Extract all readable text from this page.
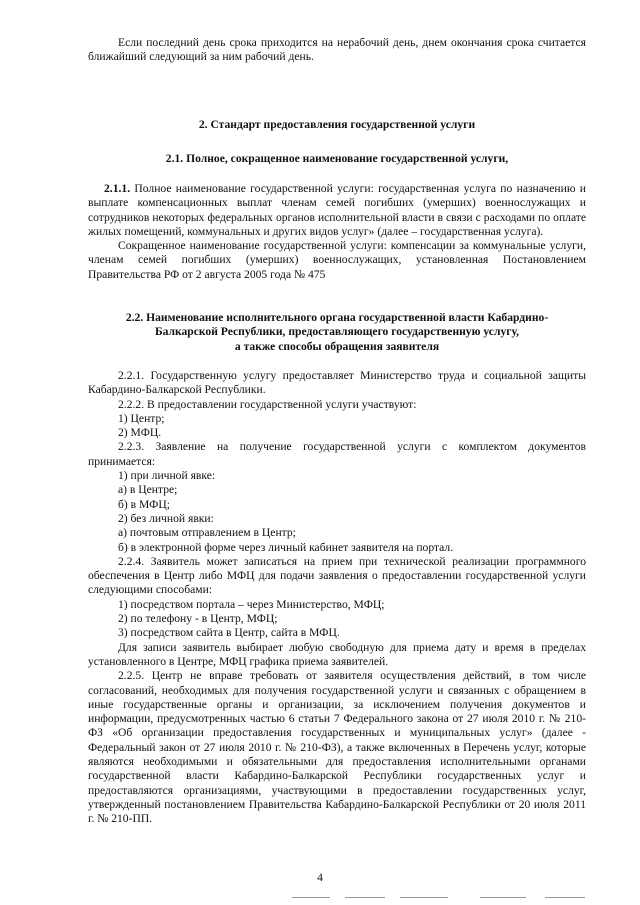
Если последний день срока приходится на нерабочий день, днем окончания срока считается ближайший следующий за ним рабочий день.

2. Стандарт предоставления государственной услуги

2.1. Полное, сокращенное наименование государственной услуги,

2.1.1. Полное наименование государственной услуги: государственная услуга по назначению и выплате компенсационных выплат членам семей погибших (умерших) военнослужащих и сотрудников некоторых федеральных органов исполнительной власти в связи с расходами по оплате жилых помещений, коммунальных и других видов услуг» (далее – государственная услуга).

Сокращенное наименование государственной услуги: компенсации за коммунальные услуги, членам семей погибших (умерших) военнослужащих, установленная Постановлением Правительства РФ от 2 августа 2005 года № 475

2.2. Наименование исполнительного органа государственной власти Кабардино-

Балкарской Республики, предоставляющего государственную услугу,

а также способы обращения заявителя

2.2.1. Государственную услугу предоставляет Министерство труда и социальной защиты Кабардино-Балкарской Республики.

2.2.2. В предоставлении государственной услуги участвуют:

1) Центр;

2) МФЦ.

2.2.3. Заявление на получение государственной услуги с комплектом документов принимается:

1) при личной явке:

а) в Центре;

б) в МФЦ;

2) без личной явки:

а) почтовым отправлением в Центр;

б) в электронной форме через личный кабинет заявителя на портал.

2.2.4. Заявитель может записаться на прием при технической реализации программного обеспечения в Центр либо МФЦ для подачи заявления о предоставлении государственной услуги следующими способами:

1) посредством портала – через Министерство, МФЦ;

2) по телефону - в Центр, МФЦ;

3) посредством сайта в Центр, сайта в МФЦ.

Для записи заявитель выбирает любую свободную для приема дату и время в пределах установленного в Центре, МФЦ графика приема заявителей.

2.2.5. Центр не вправе требовать от заявителя осуществления действий, в том числе согласований, необходимых для получения государственной услуги и связанных с обращением в иные государственные органы и организации, за исключением получения документов и информации, предусмотренных частью 6 статьи 7 Федерального закона от 27 июля 2010 г. № 210-ФЗ «Об организации предоставления государственных и муниципальных услуг» (далее - Федеральный закон от 27 июля 2010 г. № 210-ФЗ), а также включенных в Перечень услуг, которые являются необходимыми и обязательными для предоставления исполнительными органами государственной власти Кабардино-Балкарской Республики государственных услуг и предоставляются организациями, участвующими в предоставлении государственных услуг, утвержденный постановлением Правительства Кабардино-Балкарской Республики от 20 июля 2011 г. № 210-ПП.

4
